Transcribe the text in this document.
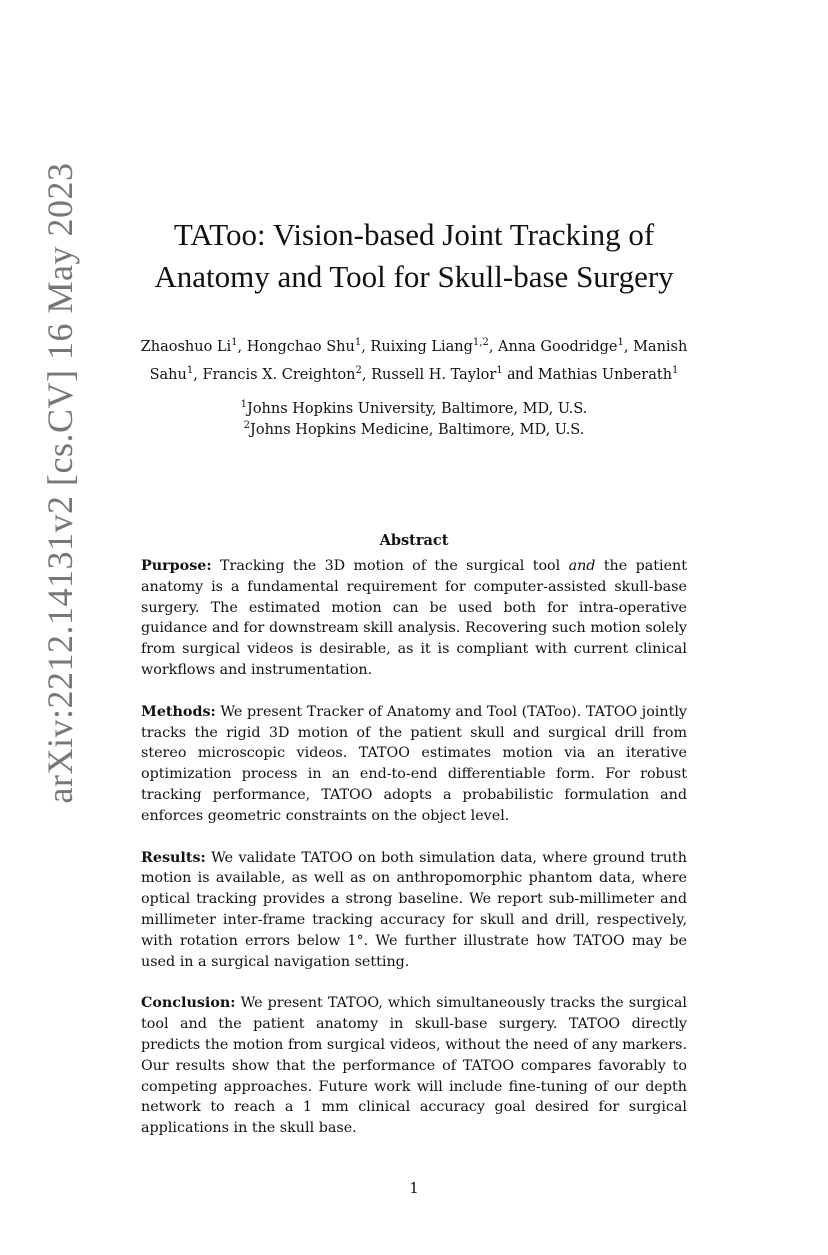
arXiv:2212.14131v2 [cs.CV] 16 May 2023	TAToo: Vision-based Joint Tracking of
Anatomy and Tool for Skull-base Surgery
Zhaoshuo Li$^1$, Hongchao Shu$^1$, Ruixing Liang$^{1,2}$, Anna Goodridge$^1$, Manish
Sahu$^1$, Francis X. Creighton$^2$, Russell H. Taylor$^1$ and Mathias Unberath$^1$
$^1$Johns Hopkins University, Baltimore, MD, U.S.
$^2$Johns Hopkins Medicine, Baltimore, MD, U.S.
Abstract

Purpose: Tracking the 3D motion of the surgical tool and the patient anatomy is a fundamental requirement for computer-assisted skull-base surgery. The estimated motion can be used both for intra-operative guidance and for downstream skill analysis. Recovering such motion solely from surgical videos is desirable, as it is compliant with current clinical workflows and instrumentation.

Methods: We present Tracker of Anatomy and Tool (TAToo). TATOO jointly tracks the rigid 3D motion of the patient skull and surgical drill from stereo microscopic videos. TATOO estimates motion via an iterative optimization process in an end-to-end differentiable form. For robust tracking performance, TATOO adopts a probabilistic formulation and enforces geometric constraints on the object level.

Results: We validate TATOO on both simulation data, where ground truth motion is available, as well as on anthropomorphic phantom data, where optical tracking provides a strong baseline. We report sub-millimeter and millimeter inter-frame tracking accuracy for skull and drill, respectively, with rotation errors below 1°. We further illustrate how TATOO may be used in a surgical navigation setting.

Conclusion: We present TATOO, which simultaneously tracks the surgical tool and the patient anatomy in skull-base surgery. TATOO directly predicts the motion from surgical videos, without the need of any markers. Our results show that the performance of TATOO compares favorably to competing approaches. Future work will include fine-tuning of our depth network to reach a 1 mm clinical accuracy goal desired for surgical applications in the skull base.

1
